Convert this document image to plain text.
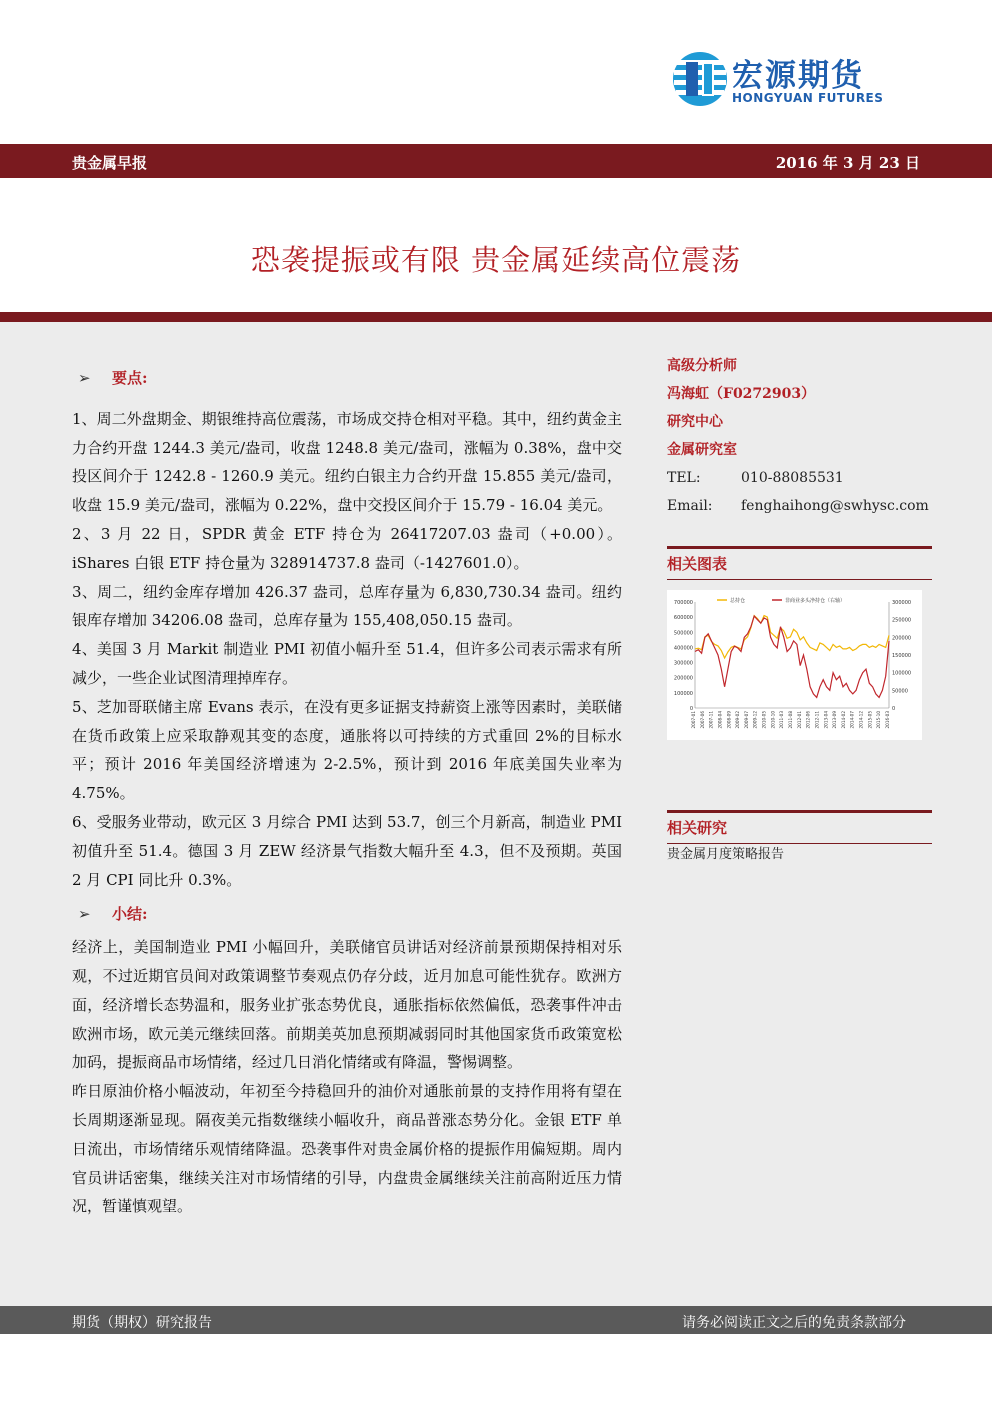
宏源期货
HONGYUAN FUTURES
贵金属早报	2016 年 3 月 23 日
恐袭提振或有限 贵金属延续高位震荡
➢ 要点:

1、周二外盘期金、期银维持高位震荡，市场成交持仓相对平稳。其中，纽约黄金主力合约开盘 1244.3 美元/盎司，收盘 1248.8 美元/盎司，涨幅为 0.38%，盘中交投区间介于 1242.8 - 1260.9 美元。纽约白银主力合约开盘 15.855 美元/盎司，收盘 15.9 美元/盎司，涨幅为 0.22%，盘中交投区间介于 15.79 - 16.04 美元。

2、3 月 22 日，SPDR 黄金 ETF 持仓为 26417207.03 盎司（+0.00）。iShares 白银 ETF 持仓量为 328914737.8 盎司（-1427601.0）。

3、周二，纽约金库存增加 426.37 盎司，总库存量为 6,830,730.34 盎司。纽约银库存增加 34206.08 盎司，总库存量为 155,408,050.15 盎司。

4、美国 3 月 Markit 制造业 PMI 初值小幅升至 51.4，但许多公司表示需求有所减少，一些企业试图清理掉库存。

5、芝加哥联储主席 Evans 表示，在没有更多证据支持薪资上涨等因素时，美联储在货币政策上应采取静观其变的态度，通胀将以可持续的方式重回 2%的目标水平；预计 2016 年美国经济增速为 2-2.5%，预计到 2016 年底美国失业率为 4.75%。

6、受服务业带动，欧元区 3 月综合 PMI 达到 53.7，创三个月新高，制造业 PMI 初值升至 51.4。德国 3 月 ZEW 经济景气指数大幅升至 4.3，但不及预期。英国 2 月 CPI 同比升 0.3%。

➢ 小结:

经济上，美国制造业 PMI 小幅回升，美联储官员讲话对经济前景预期保持相对乐观，不过近期官员间对政策调整节奏观点仍存分歧，近月加息可能性犹存。欧洲方面，经济增长态势温和，服务业扩张态势优良，通胀指标依然偏低，恐袭事件冲击欧洲市场，欧元美元继续回落。前期美英加息预期减弱同时其他国家货币政策宽松加码，提振商品市场情绪，经过几日消化情绪或有降温，警惕调整。

昨日原油价格小幅波动，年初至今持稳回升的油价对通胀前景的支持作用将有望在长周期逐渐显现。隔夜美元指数继续小幅收升，商品普涨态势分化。金银 ETF 单日流出，市场情绪乐观情绪降温。恐袭事件对贵金属价格的提振作用偏短期。周内官员讲话密集，继续关注对市场情绪的引导，内盘贵金属继续关注前高附近压力情况，暂谨慎观望。

高级分析师
冯海虹（F0272903）
研究中心
金属研究室
TEL:	010-88085531
Email: fenghaihong@swhysc.com
相关图表
700000
600000
500000
400000
300000
200000
100000
0
300000
250000
200000
150000
100000
50000
0
2007-01 2007-06 2007-11 2008-04 2008-09 2009-02 2009-07 2009-12 2010-05 2010-10 2011-03 2011-08 2012-01 2012-06 2012-11 2013-04 2013-09 2014-02 2014-07 2014-12 2015-05 2015-10 2016-03
总持仓	非商业多头净持仓（右轴）
相关研究
贵金属月度策略报告
期货（期权）研究报告	请务必阅读正文之后的免责条款部分
